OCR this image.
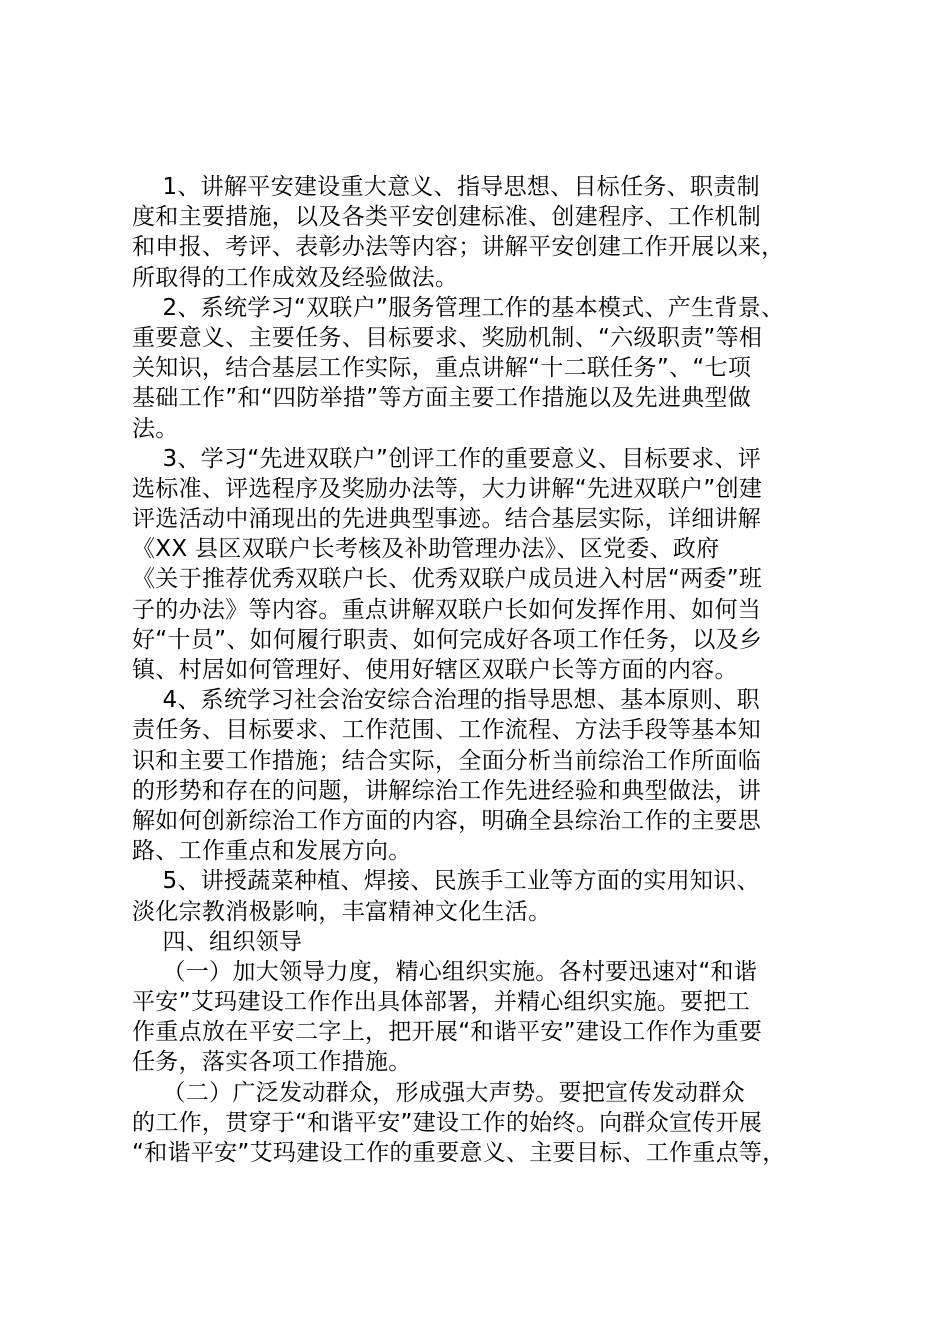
1、讲解平安建设重大意义、指导思想、目标任务、职责制
度和主要措施，以及各类平安创建标准、创建程序、工作机制
和申报、考评、表彰办法等内容；讲解平安创建工作开展以来，
所取得的工作成效及经验做法。
2、系统学习“双联户”服务管理工作的基本模式、产生背景、
重要意义、主要任务、目标要求、奖励机制、“六级职责”等相
关知识，结合基层工作实际，重点讲解“十二联任务”、“七项
基础工作”和“四防举措”等方面主要工作措施以及先进典型做
法。
3、学习“先进双联户”创评工作的重要意义、目标要求、评
选标准、评选程序及奖励办法等，大力讲解“先进双联户”创建
评选活动中涌现出的先进典型事迹。结合基层实际，详细讲解
《XX 县区双联户长考核及补助管理办法》、区党委、政府
《关于推荐优秀双联户长、优秀双联户成员进入村居“两委”班
子的办法》等内容。重点讲解双联户长如何发挥作用、如何当
好“十员”、如何履行职责、如何完成好各项工作任务，以及乡
镇、村居如何管理好、使用好辖区双联户长等方面的内容。
4、系统学习社会治安综合治理的指导思想、基本原则、职
责任务、目标要求、工作范围、工作流程、方法手段等基本知
识和主要工作措施；结合实际，全面分析当前综治工作所面临
的形势和存在的问题，讲解综治工作先进经验和典型做法，讲
解如何创新综治工作方面的内容，明确全县综治工作的主要思
路、工作重点和发展方向。
5、讲授蔬菜种植、焊接、民族手工业等方面的实用知识、
淡化宗教消极影响，丰富精神文化生活。
四、组织领导
（一）加大领导力度，精心组织实施。各村要迅速对“和谐
平安”艾玛建设工作作出具体部署，并精心组织实施。要把工
作重点放在平安二字上，把开展“和谐平安”建设工作作为重要
任务，落实各项工作措施。
（二）广泛发动群众，形成强大声势。要把宣传发动群众
的工作，贯穿于“和谐平安”建设工作的始终。向群众宣传开展
“和谐平安”艾玛建设工作的重要意义、主要目标、工作重点等，
